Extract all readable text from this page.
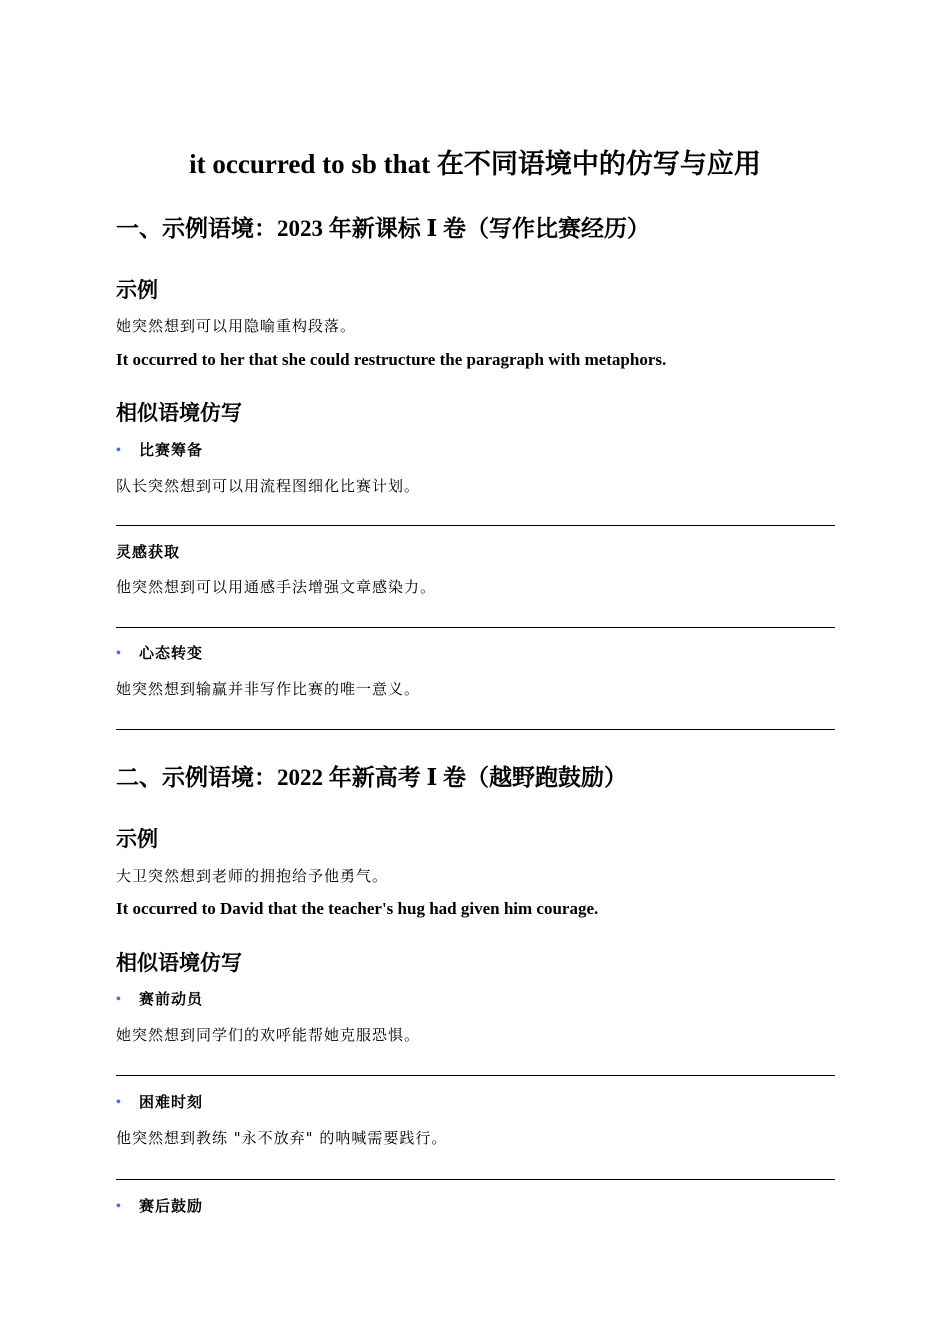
it occurred to sb that 在不同语境中的仿写与应用
一、示例语境：2023 年新课标 Ⅰ 卷（写作比赛经历）
示例

她突然想到可以用隐喻重构段落。

It occurred to her that she could restructure the paragraph with metaphors.

相似语境仿写
•	比赛筹备

队长突然想到可以用流程图细化比赛计划。

灵感获取

他突然想到可以用通感手法增强文章感染力。

•	心态转变

她突然想到输赢并非写作比赛的唯一意义。

二、示例语境：2022 年新高考 Ⅰ 卷（越野跑鼓励）
示例

大卫突然想到老师的拥抱给予他勇气。

It occurred to David that the teacher's hug had given him courage.

相似语境仿写
•	赛前动员

她突然想到同学们的欢呼能帮她克服恐惧。

•	困难时刻

他突然想到教练 "永不放弃" 的呐喊需要践行。

•	赛后鼓励
